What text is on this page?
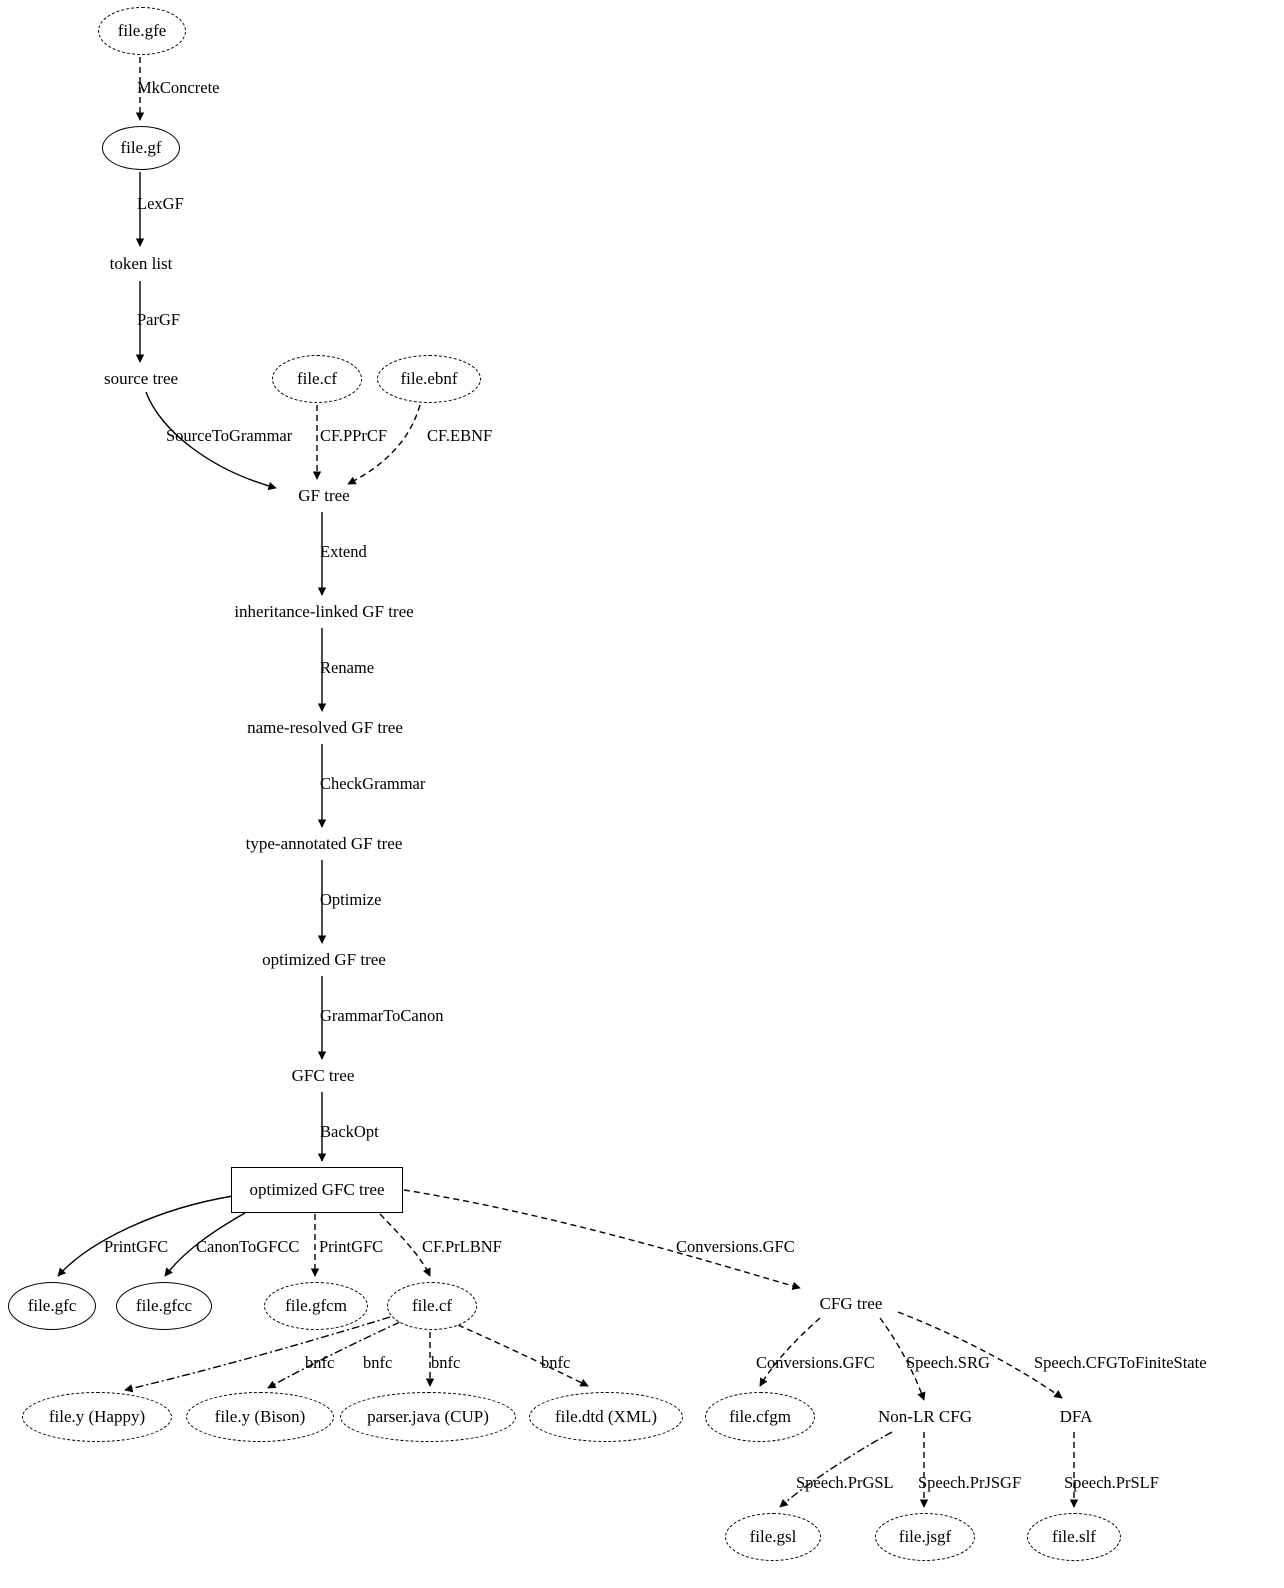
file.gfe
file.gf
token list
source tree	file.cf	file.ebnf
GF tree
inheritance-linked GF tree
name-resolved GF tree
type-annotated GF tree
optimized GF tree
GFC tree
optimized GFC tree
file.gfc	file.gfcc	file.gfcm	file.cf	CFG tree
file.y (Happy)	file.y (Bison)	parser.java (CUP)	file.dtd (XML)	file.cfgm	Non-LR CFG	DFA
file.gsl	file.jsgf	file.slf
MkConcrete
LexGF
ParGF
SourceToGrammar CF.PPrCF CF.EBNF
Extend
Rename
CheckGrammar
Optimize
GrammarToCanon
BackOpt
PrintGFC CanonToGFCC PrintGFC CF.PrLBNF	Conversions.GFC
bnfc bnfc bnfc	bnfc	Conversions.GFC Speech.SRG	Speech.CFGToFiniteState
Speech.PrGSL Speech.PrJSGF	Speech.PrSLF
